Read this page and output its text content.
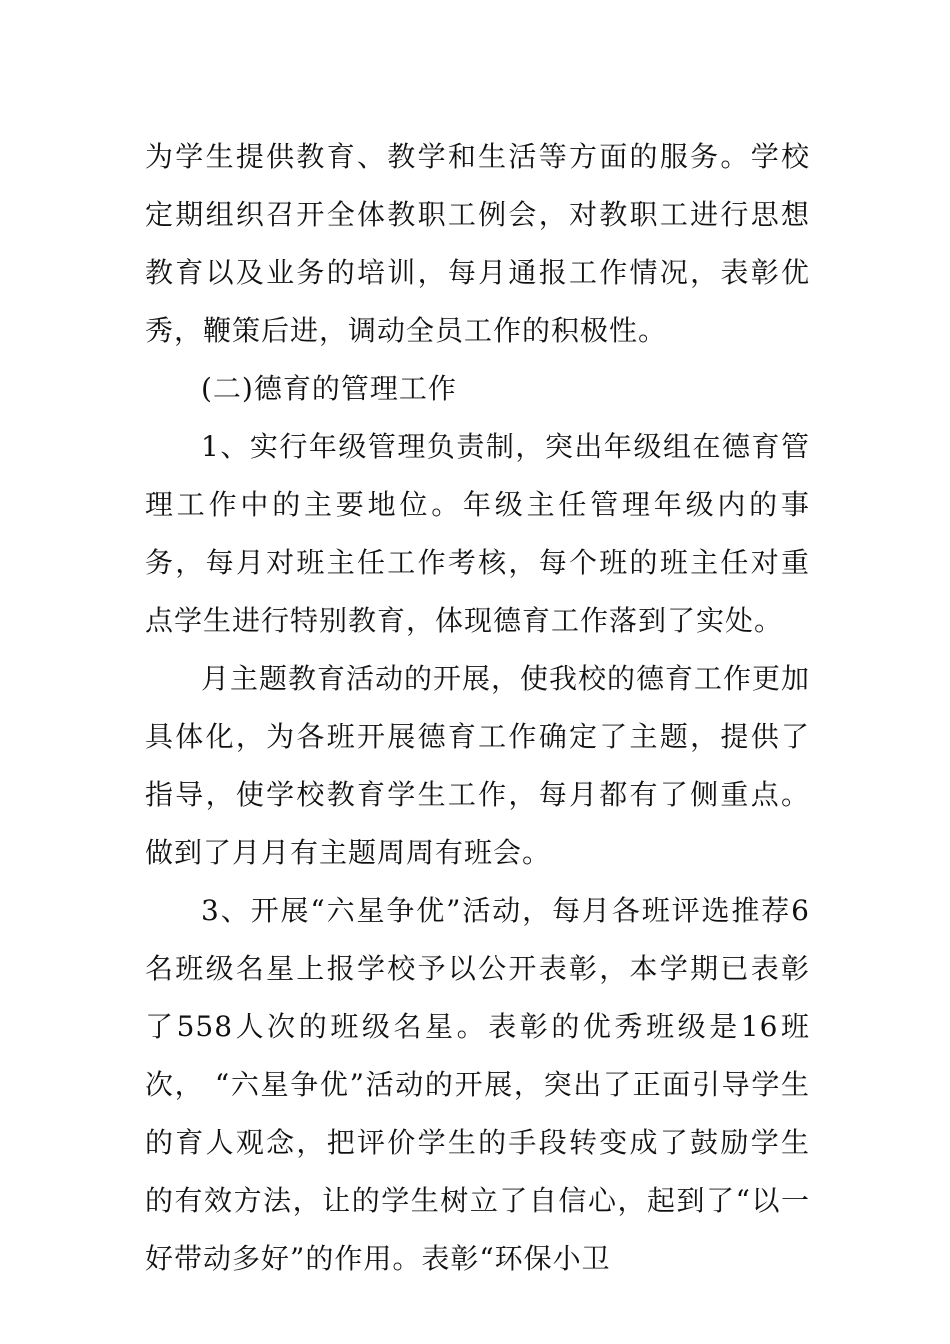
为学生提供教育、教学和生活等方面的服务。学校定期组织召开全体教职工例会，对教职工进行思想教育以及业务的培训，每月通报工作情况，表彰优秀，鞭策后进，调动全员工作的积极性。

(二)德育的管理工作

1、实行年级管理负责制，突出年级组在德育管理工作中的主要地位。年级主任管理年级内的事务，每月对班主任工作考核，每个班的班主任对重点学生进行特别教育，体现德育工作落到了实处。

月主题教育活动的开展，使我校的德育工作更加具体化，为各班开展德育工作确定了主题，提供了指导，使学校教育学生工作，每月都有了侧重点。做到了月月有主题周周有班会。

3、开展“六星争优”活动，每月各班评选推荐6名班级名星上报学校予以公开表彰，本学期已表彰了558人次的班级名星。表彰的优秀班级是16班次， “六星争优”活动的开展，突出了正面引导学生的育人观念，把评价学生的手段转变成了鼓励学生的有效方法，让的学生树立了自信心，起到了“以一好带动多好”的作用。表彰“环保小卫
